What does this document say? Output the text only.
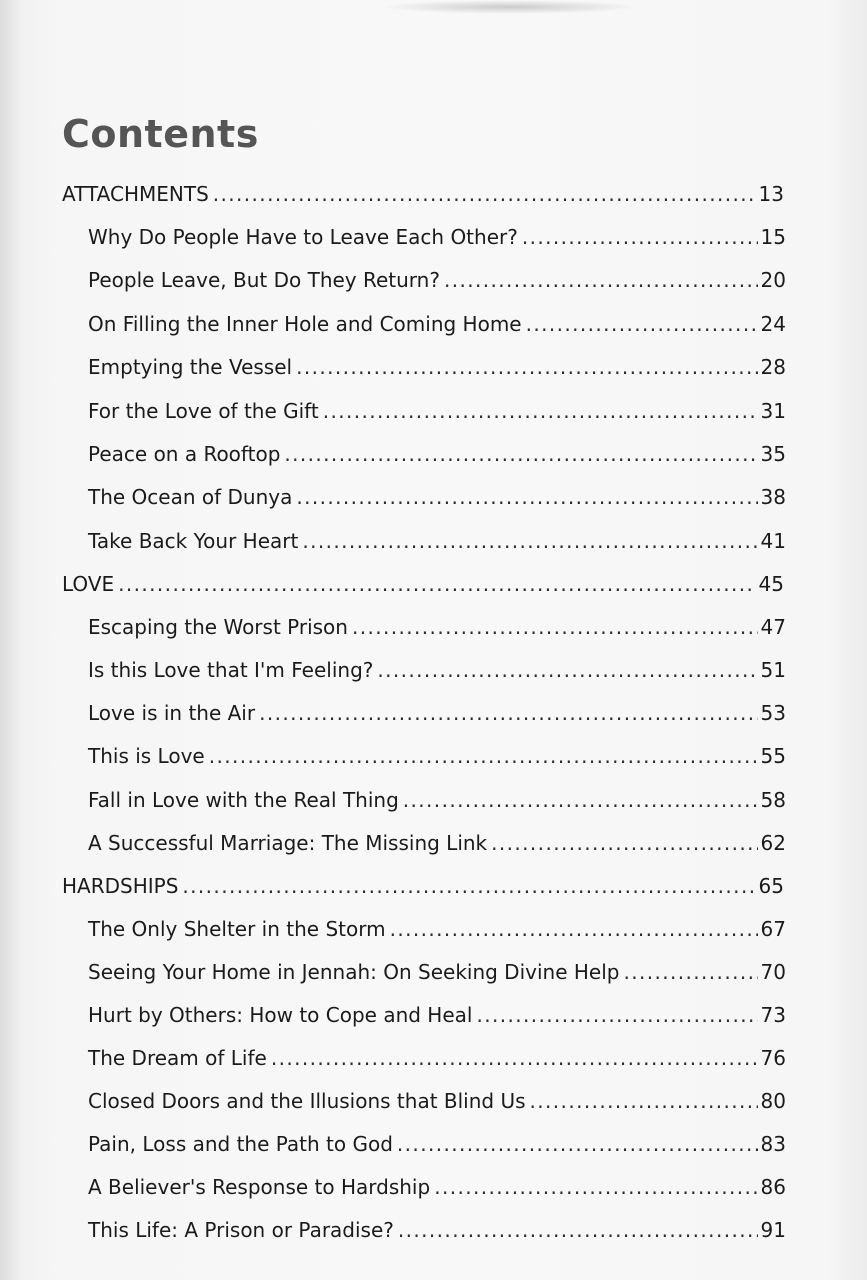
Contents
ATTACHMENTS .....	13
Why Do People Have to Leave Each Other? .....	15
People Leave, But Do They Return? .....	20
On Filling the Inner Hole and Coming Home .....	24
Emptying the Vessel .....	28
For the Love of the Gift .....	31
Peace on a Rooftop .....	35
The Ocean of Dunya .....	38
Take Back Your Heart .....	41
LOVE .....	45
Escaping the Worst Prison .....	47
Is this Love that I'm Feeling? .....	51
Love is in the Air .....	53
This is Love .....	55
Fall in Love with the Real Thing .....	58
A Successful Marriage: The Missing Link .....	62
HARDSHIPS .....	65
The Only Shelter in the Storm .....	67
Seeing Your Home in Jennah: On Seeking Divine Help .....	70
Hurt by Others: How to Cope and Heal .....	73
The Dream of Life .....	76
Closed Doors and the Illusions that Blind Us .....	80
Pain, Loss and the Path to God .....	83
A Believer's Response to Hardship .....	86
This Life: A Prison or Paradise? .....	91
